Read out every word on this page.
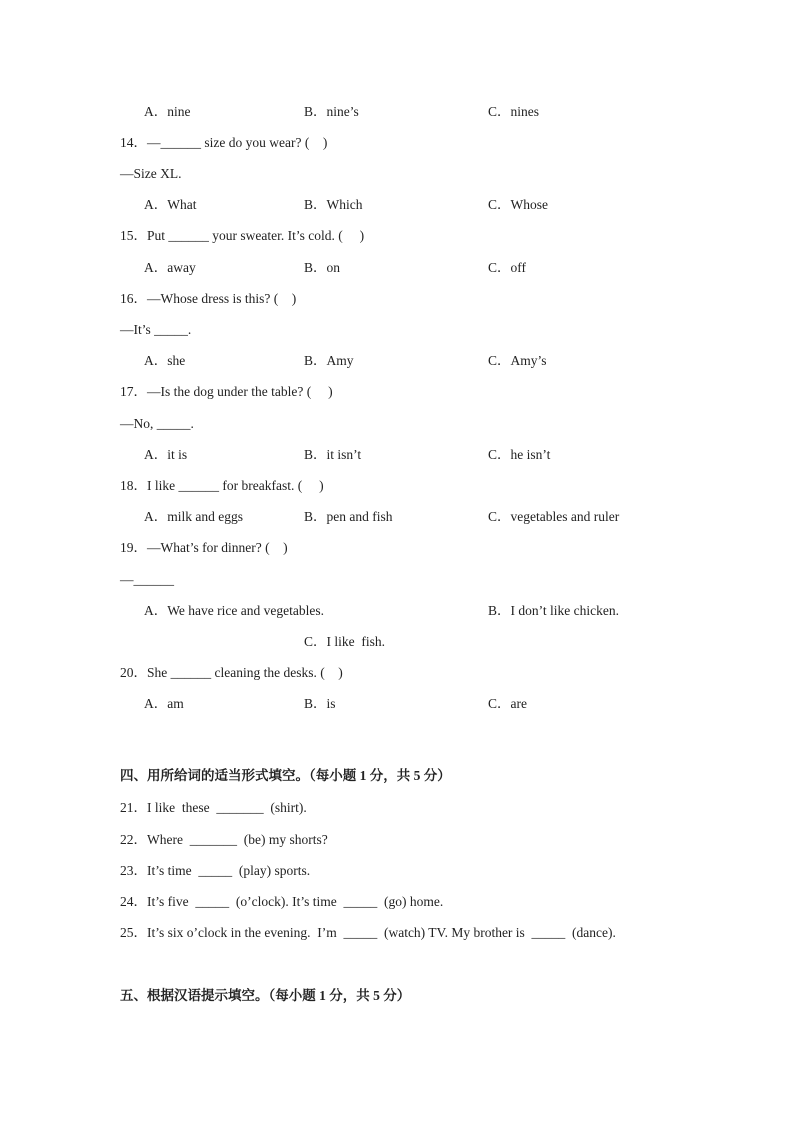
A．nine	B．nine’s	C．nines
14．—______ size do you wear? (    )
—Size XL.
A．What	B．Which	C．Whose
15．Put ______ your sweater. It’s cold. (     )
A．away	B．on	C．off
16．—Whose dress is this? (    )
—It’s _____.
A．she	B．Amy	C．Amy’s
17．—Is the dog under the table? (     )
—No, _____.
A．it is	B．it isn’t	C．he isn’t
18．I like ______ for breakfast. (     )
A．milk and eggs	B．pen and fish	C．vegetables and ruler
19．—What’s for dinner? (    )
—______
A．We have rice and vegetables.	B．I don’t like chicken.
C．I like  fish.
20．She ______ cleaning the desks. (    )
A．am	B．is	C．are
四、用所给词的适当形式填空。（每小题 1 分，共 5 分）
21．I like  these  _______  (shirt).
22．Where  _______  (be) my shorts?
23．It’s time  _____  (play) sports.
24．It’s five  _____  (o’clock). It’s time  _____  (go) home.
25．It’s six o’clock in the evening.  I’m  _____  (watch) TV. My brother is  _____  (dance).
五、根据汉语提示填空。（每小题 1 分，共 5 分）
